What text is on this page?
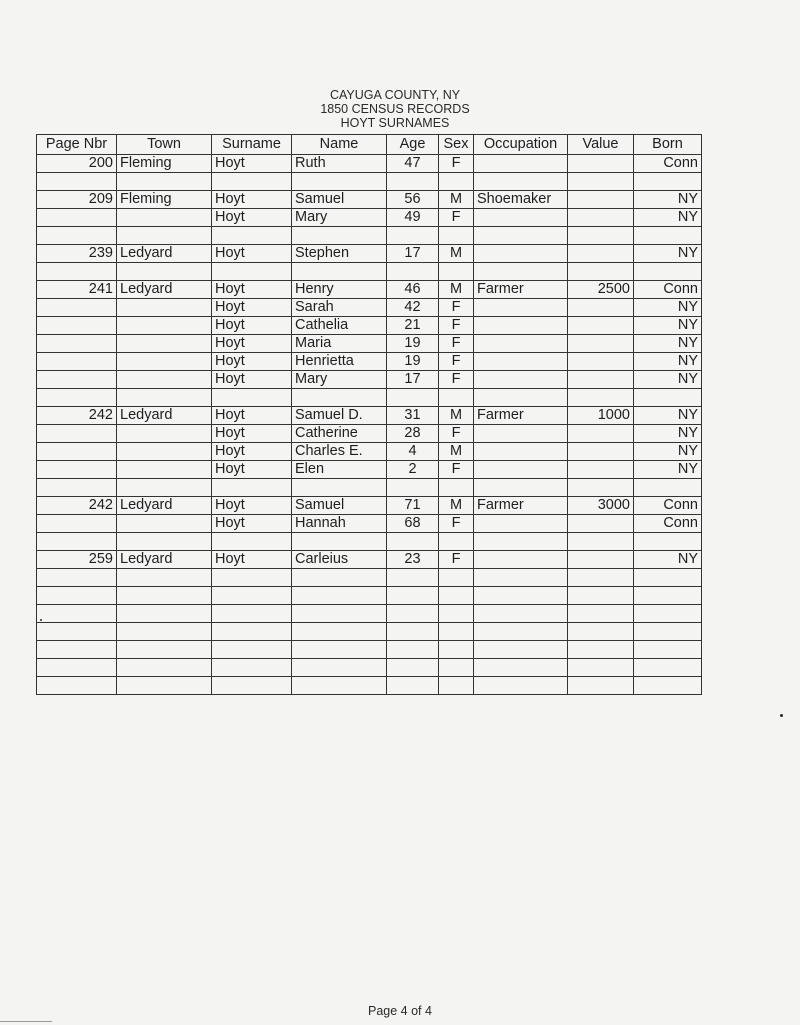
CAYUGA COUNTY, NY
1850 CENSUS RECORDS
HOYT SURNAMES
Page Nbr	Town	Surname	Name	Age	Sex	Occupation	Value	Born
200	Fleming	Hoyt	Ruth	47	F			Conn

209	Fleming	Hoyt	Samuel	56	M	Shoemaker		NY
		Hoyt	Mary	49	F			NY

239	Ledyard	Hoyt	Stephen	17	M			NY

241	Ledyard	Hoyt	Henry	46	M	Farmer	2500	Conn
		Hoyt	Sarah	42	F			NY
		Hoyt	Cathelia	21	F			NY
		Hoyt	Maria	19	F			NY
		Hoyt	Henrietta	19	F			NY
		Hoyt	Mary	17	F			NY

242	Ledyard	Hoyt	Samuel D.	31	M	Farmer	1000	NY
		Hoyt	Catherine	28	F			NY
		Hoyt	Charles E.	4	M			NY
		Hoyt	Elen	2	F			NY

242	Ledyard	Hoyt	Samuel	71	M	Farmer	3000	Conn
		Hoyt	Hannah	68	F			Conn

259	Ledyard	Hoyt	Carleius	23	F			NY

Page 4 of 4
